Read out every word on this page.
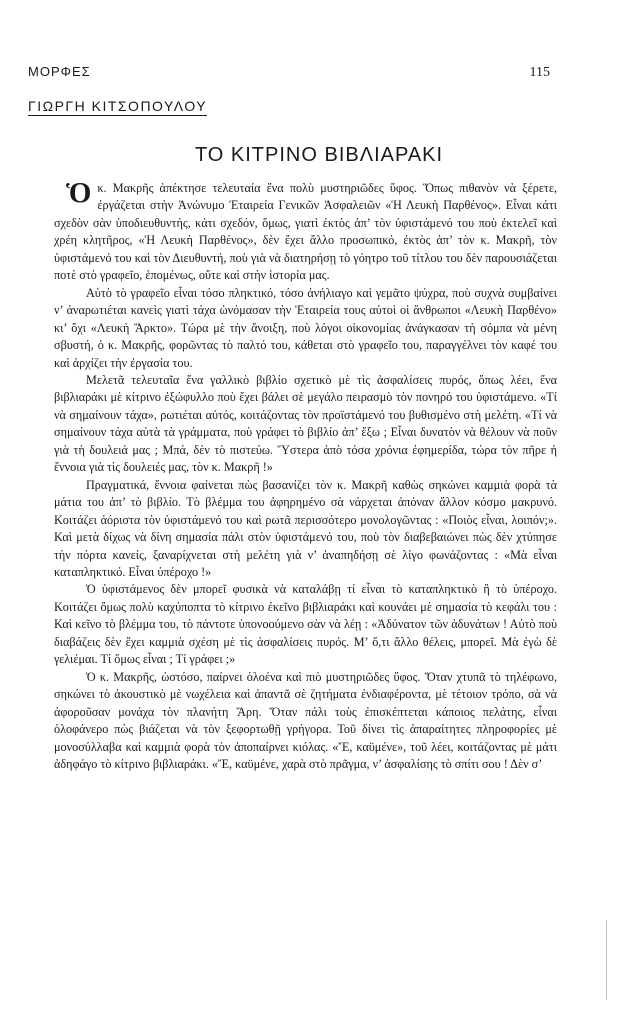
ΜΟΡΦΕΣ	115
ΓΙΩΡΓΗ ΚΙΤΣΟΠΟΥΛΟΥ
ΤΟ ΚΙΤΡΙΝΟ ΒΙΒΛΙΑΡΑΚΙ

Ὁκ. Μακρῆς ἀπέκτησε τελευταία ἕνα πολὺ μυστηριῶδες ὕφος. Ὅπως πιθανὸν νὰ ξέρετε, ἐργάζεται στὴν Ἀνώνυμο Ἑταιρεία Γενικῶν Ἀσφαλειῶν «Ἡ Λευκὴ Παρθένος». Εἶναι κάτι σχεδὸν σὰν ὑποδιευθυντής, κάτι σχεδόν, ὅμως, γιατὶ ἐκτὸς ἀπ’ τὸν ὑφιστάμενό του ποὺ ἐκτελεῖ καὶ χρέη κλητῆρος, «Ἡ Λευκὴ Παρθένος», δὲν ἔχει ἄλλο προσωπικό, ἐκτὸς ἀπ’ τὸν κ. Μακρῆ, τὸν ὑφιστάμενό του καὶ τὸν Διευθυντή, ποὺ γιὰ νὰ διατηρήσῃ τὸ γόητρο τοῦ τίτλου του δὲν παρουσιάζεται ποτὲ στὸ γραφεῖο, ἑπομένως, οὔτε καὶ στὴν ἱστορία μας.

Αὐτὸ τὸ γραφεῖο εἶναι τόσο πληκτικό, τόσο ἀνήλιαγο καὶ γεμᾶτο ψύχρα, ποὺ συχνὰ συμβαίνει ν’ ἀναρωτιέται κανεὶς γιατὶ τάχα ὠνόμασαν τὴν Ἑταιρεία τους αὐτοὶ οἱ ἄνθρωποι «Λευκὴ Παρθένο» κι’ ὄχι «Λευκὴ Ἄρκτο». Τώρα μὲ τὴν ἄνοιξη, ποὺ λόγοι οἰκονομίας ἀνάγκασαν τὴ σόμπα νὰ μένη σβυστή, ὁ κ. Μακρῆς, φορῶντας τὸ παλτό του, κάθεται στὸ γραφεῖο του, παραγγέλνει τὸν καφέ του καὶ ἀρχίζει τὴν ἐργασία του.

Μελετᾶ τελευταῖα ἕνα γαλλικὸ βιβλίο σχετικὸ μὲ τὶς ἀσφαλίσεις πυρός, ὅπως λέει, ἕνα βιβλιαράκι μὲ κίτρινο ἐξώφυλλο ποὺ ἔχει βάλει σὲ μεγάλο πειρασμὸ τὸν πονηρό του ὑφιστάμενο. «Τί νὰ σημαίνουν τάχα», ρωτιέται αὐτός, κοιτάζοντας τὸν προϊστάμενό του βυθισμένο στὴ μελέτη. «Τί νὰ σημαίνουν τάχα αὐτὰ τὰ γράμματα, ποὺ γράφει τὸ βιβλίο ἀπ’ ἔξω ; Εἶναι δυνατὸν νὰ θέλουν νὰ ποῦν γιὰ τὴ δουλειά μας ; Μπά, δὲν τὸ πιστεύω. Ὕστερα ἀπὸ τόσα χρόνια ἐφημερίδα, τώρα τὸν πῆρε ἡ ἔννοια γιὰ τὶς δουλειές μας, τὸν κ. Μακρῆ !»

Πραγματικά, ἔννοια φαίνεται πὼς βασανίζει τὸν κ. Μακρῆ καθὼς σηκώνει καμμιὰ φορὰ τὰ μάτια του ἀπ’ τὸ βιβλίο. Τὸ βλέμμα του ἀφηρημένο σὰ νάρχεται ἀπόναν ἄλλον κόσμο μακρυνό. Κοιτάζει ἀόριστα τὸν ὑφιστάμενό του καὶ ρωτᾶ περισσότερο μονολογῶντας : «Ποιὸς εἶναι, λοιπόν;». Καὶ μετὰ δίχως νὰ δίνη σημασία πάλι στὸν ὑφιστάμενό του, ποὺ τὸν διαβεβαιώνει πὼς δὲν χτύπησε τὴν πόρτα κανείς, ξαναρίχνεται στὴ μελέτη γιὰ ν’ ἀναπηδήσῃ σὲ λίγο φωνάζοντας : «Μὰ εἶναι καταπληκτικό. Εἶναι ὑπέροχο !»

Ὁ ὑφιστάμενος δὲν μπορεῖ φυσικὰ νὰ καταλάβῃ τί εἶναι τὸ καταπληκτικὸ ἢ τὸ ὑπέροχο. Κοιτάζει ὅμως πολὺ καχύποπτα τὸ κίτρινο ἐκεῖνο βιβλιαράκι καὶ κουνάει μὲ σημασία τὸ κεφάλι του : Καὶ κεῖνο τὸ βλέμμα του, τὸ πάντοτε ὑπονοούμενο σὰν νὰ λέῃ : «Ἀδύνατον τῶν ἀδυνάτων ! Αὐτὸ ποὺ διαβάζεις δὲν ἔχει καμμιὰ σχέση μὲ τὶς ἀσφαλίσεις πυρός. Μ’ ὅ,τι ἄλλο θέλεις, μπορεῖ. Μὰ ἐγὼ δὲ γελιέμαι. Τί ὅμως εἶναι ; Τί γράφει ;»

Ὁ κ. Μακρῆς, ὡστόσο, παίρνει ὁλοένα καὶ πιὸ μυστηριῶδες ὕφος. Ὅταν χτυπᾶ τὸ τηλέφωνο, σηκώνει τὸ ἀκουστικὸ μὲ νωχέλεια καὶ ἀπαντᾶ σὲ ζητήματα ἐνδιαφέροντα, μὲ τέτοιον τρόπο, σὰ νὰ ἀφοροῦσαν μονάχα τὸν πλανήτη Ἄρη. Ὅταν πάλι τοὺς ἐπισκέπτεται κάποιος πελάτης, εἶναι ὁλοφάνερο πὼς βιάζεται νὰ τὸν ξεφορτωθῇ γρήγορα. Τοῦ δίνει τὶς ἀπαραίτητες πληροφορίες μὲ μονοσύλλαβα καὶ καμμιὰ φορὰ τὸν ἀποπαίρνει κιόλας. «Ἔ, καϋμένε», τοῦ λέει, κοιτάζοντας μὲ μάτι ἀδηφάγο τὸ κίτρινο βιβλιαράκι. «Ἔ, καϋμένε, χαρὰ στὸ πρᾶγμα, ν’ ἀσφαλίσης τὸ σπίτι σου ! Δὲν σ’
